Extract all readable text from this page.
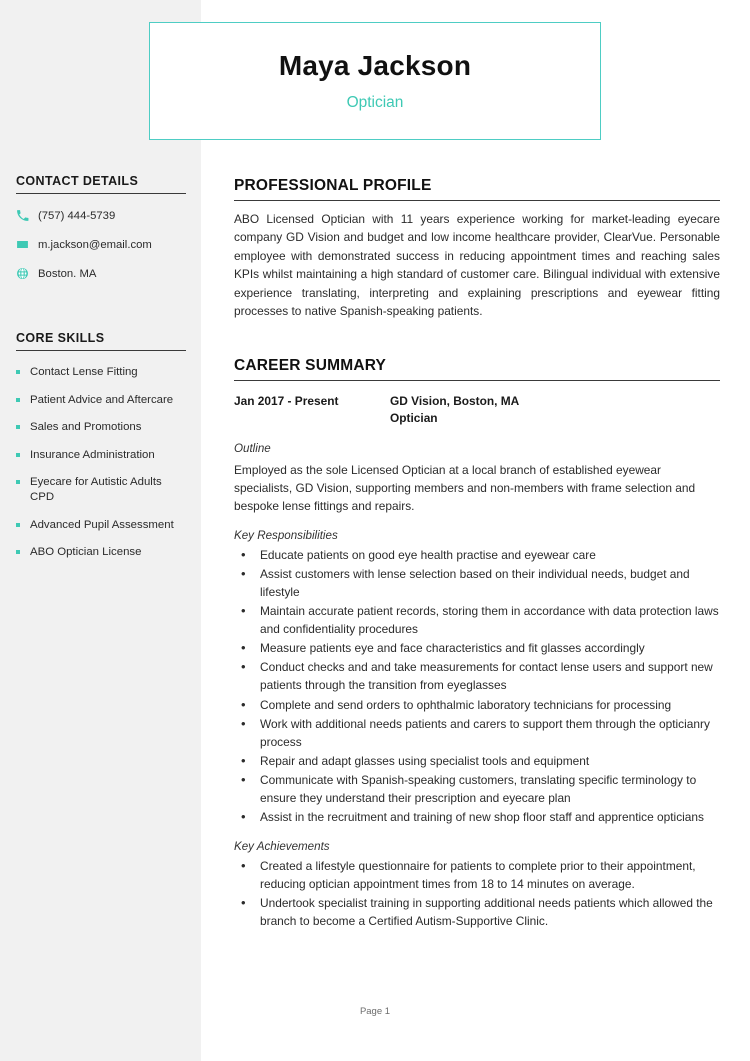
CONTACT DETAILS
(757) 444-5739
m.jackson@email.com
Boston. MA
CORE SKILLS
Contact Lense Fitting
Patient Advice and Aftercare
Sales and Promotions
Insurance Administration
Eyecare for Autistic Adults CPD
Advanced Pupil Assessment
ABO Optician License
Maya Jackson

Optician

PROFESSIONAL PROFILE

ABO Licensed Optician with 11 years experience working for market-leading eyecare company GD Vision and budget and low income healthcare provider, ClearVue. Personable employee with demonstrated success in reducing appointment times and reaching sales KPIs whilst maintaining a high standard of customer care. Bilingual individual with extensive experience translating, interpreting and explaining prescriptions and eyewear fitting processes to native Spanish-speaking patients.

CAREER SUMMARY
Jan 2017 - Present	GD Vision, Boston, MA
Optician

Outline

Employed as the sole Licensed Optician at a local branch of established eyewear specialists, GD Vision, supporting members and non-members with frame selection and bespoke lense fittings and repairs.

Key Responsibilities

• Educate patients on good eye health practise and eyewear care
• Assist customers with lense selection based on their individual needs, budget and lifestyle
• Maintain accurate patient records, storing them in accordance with data protection laws and confidentiality procedures
• Measure patients eye and face characteristics and fit glasses accordingly
• Conduct checks and and take measurements for contact lense users and support new patients through the transition from eyeglasses
• Complete and send orders to ophthalmic laboratory technicians for processing
• Work with additional needs patients and carers to support them through the opticianry process
• Repair and adapt glasses using specialist tools and equipment
• Communicate with Spanish-speaking customers, translating specific terminology to ensure they understand their prescription and eyecare plan
• Assist in the recruitment and training of new shop floor staff and apprentice opticians

Key Achievements

• Created a lifestyle questionnaire for patients to complete prior to their appointment, reducing optician appointment times from 18 to 14 minutes on average.
• Undertook specialist training in supporting additional needs patients which allowed the branch to become a Certified Autism-Supportive Clinic.
Page 1
